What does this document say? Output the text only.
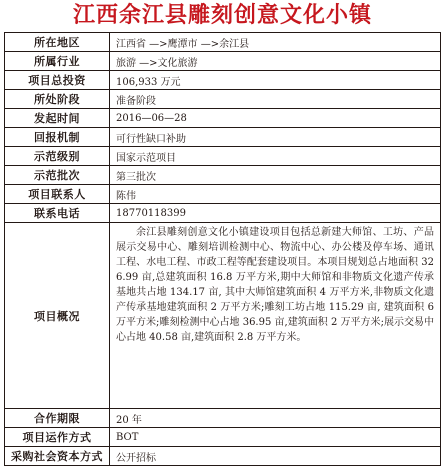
江西余江县雕刻创意文化小镇
所在地区	江西省 —>鹰潭市 —>余江县
所属行业	旅游 —>文化旅游
项目总投资	106,933 万元
所处阶段	准备阶段
发起时间	2016—06—28
回报机制	可行性缺口补助
示范级别	国家示范项目
示范批次	第三批次
项目联系人	陈伟
联系电话	18770118399
项目概况	余江县雕刻创意文化小镇建设项目包括总新建大师馆、工坊、产品展示交易中心、雕刻培训检测中心、物流中心、办公楼及停车场、通讯工程、水电工程、市政工程等配套建设项目。本项目规划总占地面积 326.99 亩,总建筑面积 16.8 万平方米,期中大师馆和非物质文化遗产传承基地共占地 134.17 亩, 其中大师馆建筑面积 4 万平方米,非物质文化遗产传承基地建筑面积 2 万平方米;雕刻工坊占地 115.29 亩, 建筑面积 6 万平方米;雕刻检测中心占地 36.95 亩,建筑面积 2 万平方米;展示交易中心占地 40.58 亩,建筑面积 2.8 万平方米。
合作期限	20 年
项目运作方式	BOT
采购社会资本方式	公开招标
